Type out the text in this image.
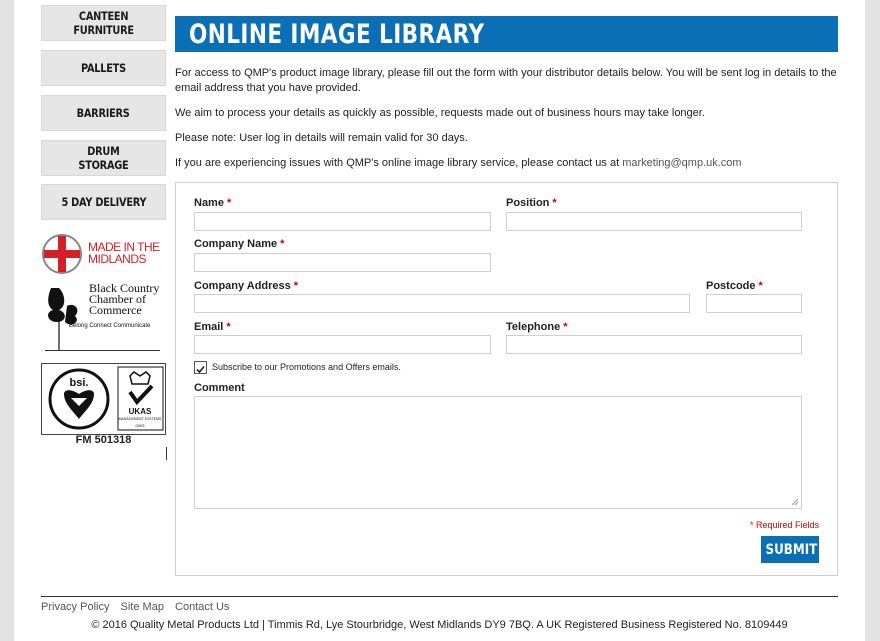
CANTEEN
FURNITURE
PALLETS
BARRIERS
DRUM
STORAGE
5 DAY DELIVERY
MADE IN THE
MIDLANDS
Black Country
Chamber of
Commerce
Belong Connect Communicate
bsi.
UKAS
MANAGEMENT SYSTEMS
0003
FM 501318
ONLINE IMAGE LIBRARY
For access to QMP's product image library, please fill out the form with your distributor details below. You will be sent log in details to the email address that you have provided.
We aim to process your details as quickly as possible, requests made out of business hours may take longer.
Please note: User log in details will remain valid for 30 days.
If you are experiencing issues with QMP's online image library service, please contact us at marketing@qmp.uk.com
Name *	Position *
Company Name *
Company Address *	Postcode *
Email *	Telephone *
Subscribe to our Promotions and Offers emails.
Comment
* Required Fields
SUBMIT
Privacy Policy Site Map Contact Us
© 2016 Quality Metal Products Ltd | Timmis Rd, Lye Stourbridge, West Midlands DY9 7BQ. A UK Registered Business Registered No. 8109449
